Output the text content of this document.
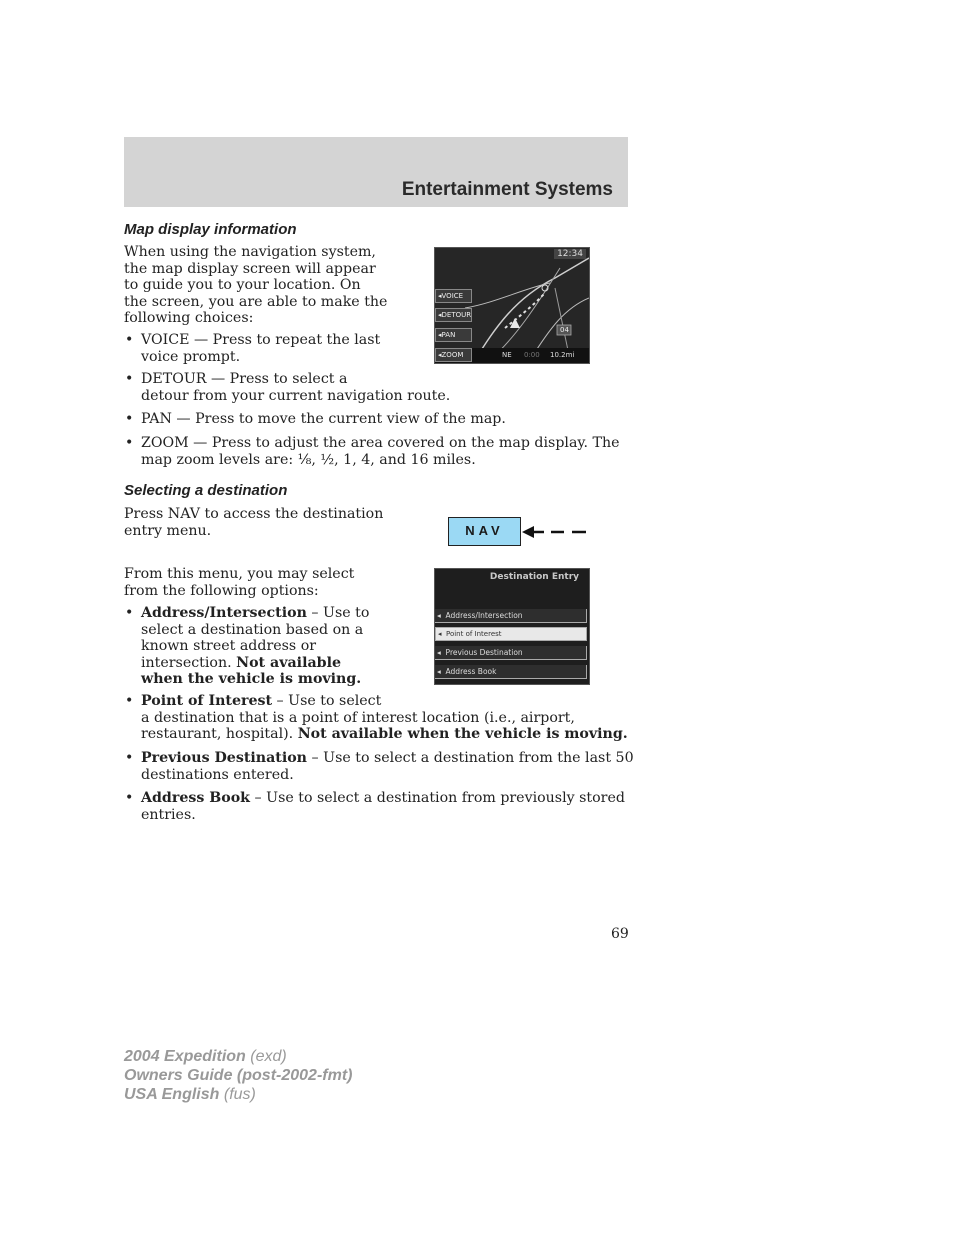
Entertainment Systems
Map display information
When using the navigation system,
the map display screen will appear
to guide you to your location. On
the screen, you are able to make the
following choices:
• VOICE — Press to repeat the last
voice prompt.
• DETOUR — Press to select a
detour from your current navigation route.
• PAN — Press to move the current view of the map.
• ZOOM — Press to adjust the area covered on the map display. The
map zoom levels are: ⅛, ½, 1, 4, and 16 miles.
12:34
04
◂VOICE
◂DETOUR
◂PAN
◂ZOOM	NE 0:00 10.2mi
Selecting a destination
Press NAV to access the destination
entry menu.	NAV
From this menu, you may select
from the following options:
Destination Entry
◂  Address/Intersection
◂  Point of Interest
◂  Previous Destination
◂  Address Book
• Address/Intersection – Use to
select a destination based on a
known street address or
intersection. Not available
when the vehicle is moving.
• Point of Interest – Use to select
a destination that is a point of interest location (i.e., airport,
restaurant, hospital). Not available when the vehicle is moving.
• Previous Destination – Use to select a destination from the last 50
destinations entered.
• Address Book – Use to select a destination from previously stored
entries.
69
2004 Expedition (exd)
Owners Guide (post-2002-fmt)
USA English (fus)
